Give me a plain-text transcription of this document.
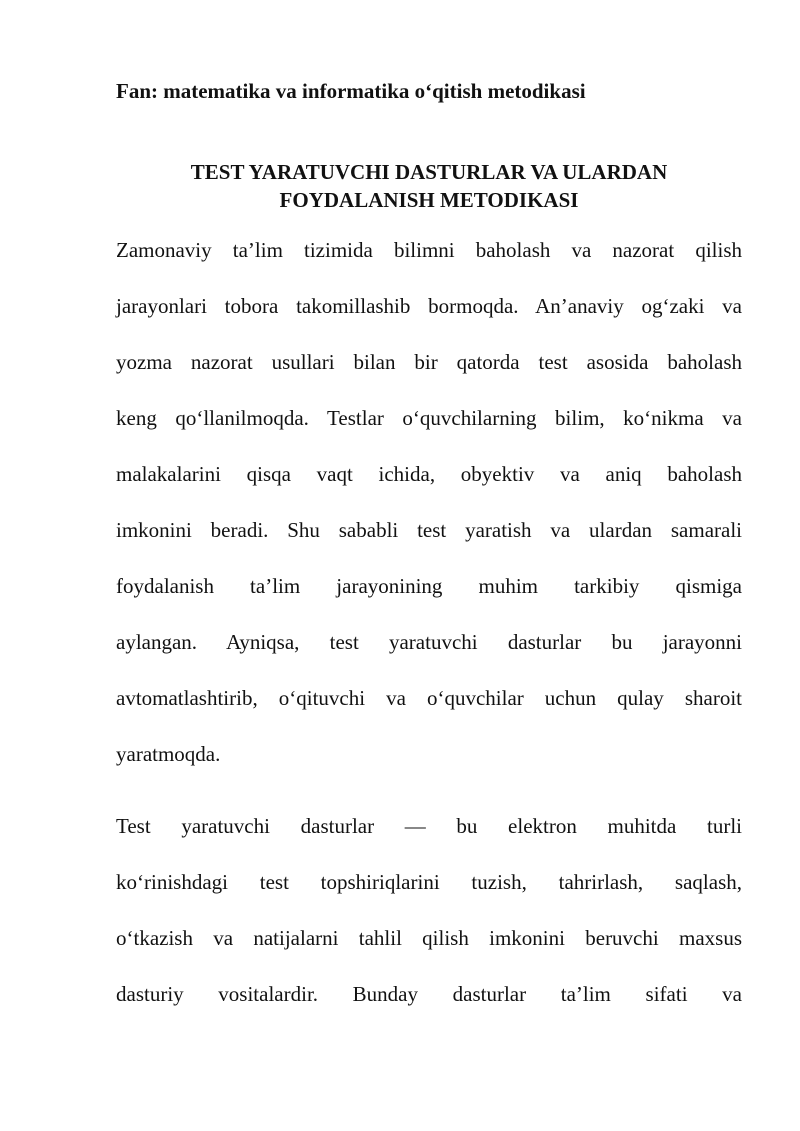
Fan: matematika va informatika o‘qitish metodikasi

TEST YARATUVCHI DASTURLAR VA ULARDAN
FOYDALANISH METODIKASI
Zamonaviy ta’lim tizimida bilimni baholash va nazorat qilish
jarayonlari tobora takomillashib bormoqda. An’anaviy og‘zaki va
yozma nazorat usullari bilan bir qatorda test asosida baholash
keng qo‘llanilmoqda. Testlar o‘quvchilarning bilim, ko‘nikma va
malakalarini qisqa vaqt ichida, obyektiv va aniq baholash
imkonini beradi. Shu sababli test yaratish va ulardan samarali
foydalanish ta’lim jarayonining muhim tarkibiy qismiga
aylangan. Ayniqsa, test yaratuvchi dasturlar bu jarayonni
avtomatlashtirib, o‘qituvchi va o‘quvchilar uchun qulay sharoit
yaratmoqda.
Test yaratuvchi dasturlar — bu elektron muhitda turli
ko‘rinishdagi test topshiriqlarini tuzish, tahrirlash, saqlash,
o‘tkazish va natijalarni tahlil qilish imkonini beruvchi maxsus
dasturiy vositalardir. Bunday dasturlar ta’lim sifati va
